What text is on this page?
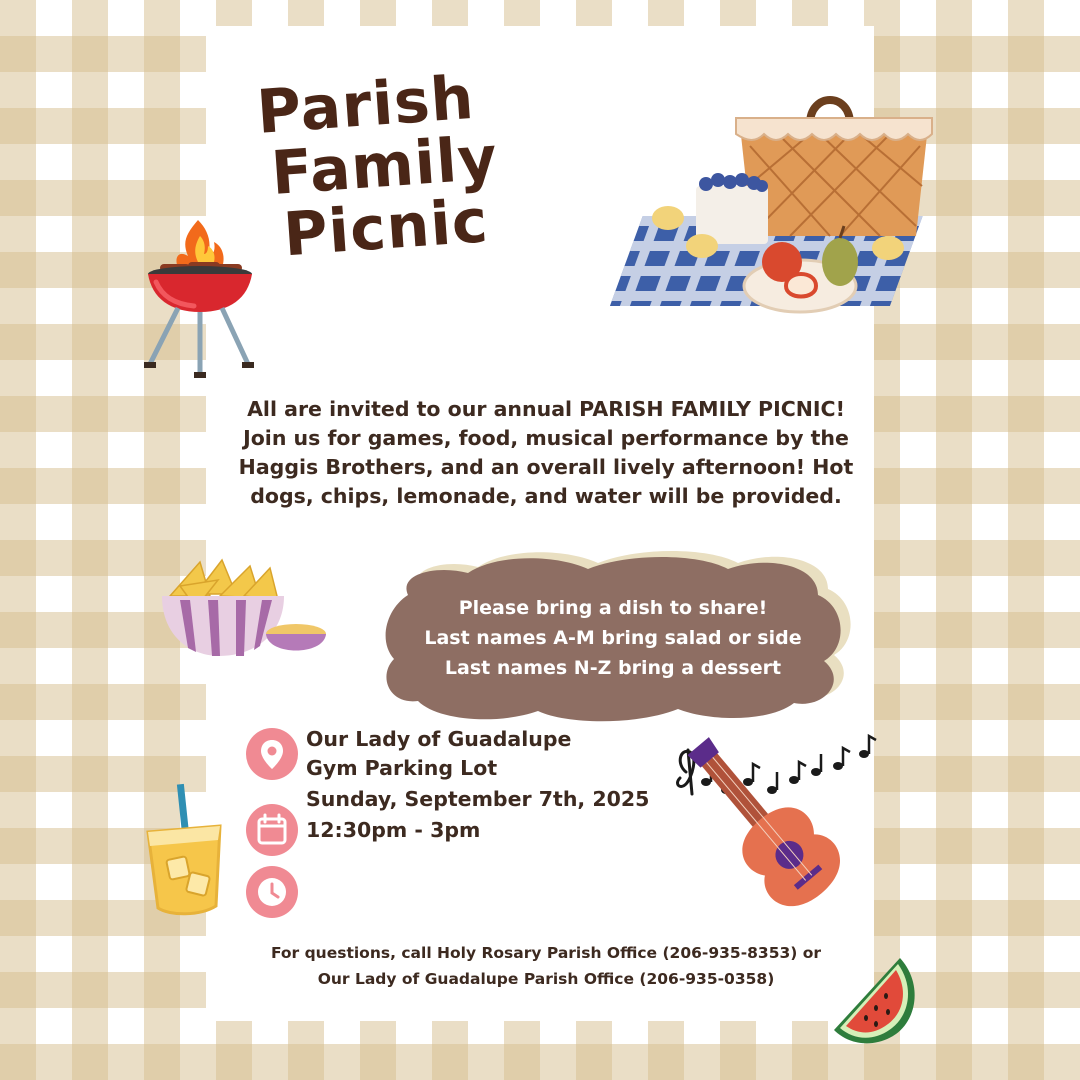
Parish
Family
Picnic

All are invited to our annual PARISH FAMILY PICNIC! Join us for games, food, musical performance by the Haggis Brothers, and an overall lively afternoon! Hot dogs, chips, lemonade, and water will be provided.

Please bring a dish to share!
Last names A-M bring salad or side
Last names N-Z bring a dessert
Our Lady of Guadalupe
Gym Parking Lot
Sunday, September 7th, 2025
12:30pm - 3pm
For questions, call Holy Rosary Parish Office (206-935-8353) or
Our Lady of Guadalupe Parish Office (206-935-0358)
